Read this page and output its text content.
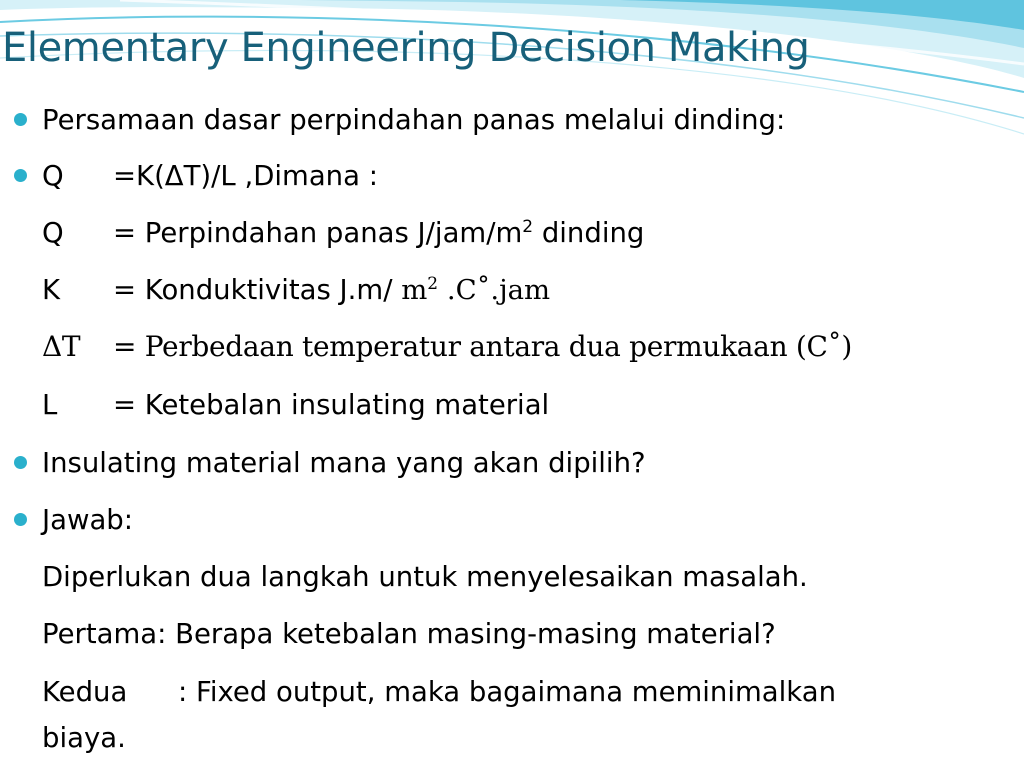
Elementary Engineering Decision Making
Persamaan dasar perpindahan panas melalui dinding:
Q =K(ΔT)/L ,Dimana :
Q = Perpindahan panas $J/jam/m^2$ dinding
K = Konduktivitas J.m/ $m^2$ .C˚.jam
ΔT = Perbedaan temperatur antara dua permukaan (C˚)
L = Ketebalan insulating material
Insulating material mana yang akan dipilih?
Jawab:
Diperlukan dua langkah untuk menyelesaikan masalah.
Pertama: Berapa ketebalan masing-masing material?
Kedua : Fixed output, maka bagaimana meminimalkan
biaya.
